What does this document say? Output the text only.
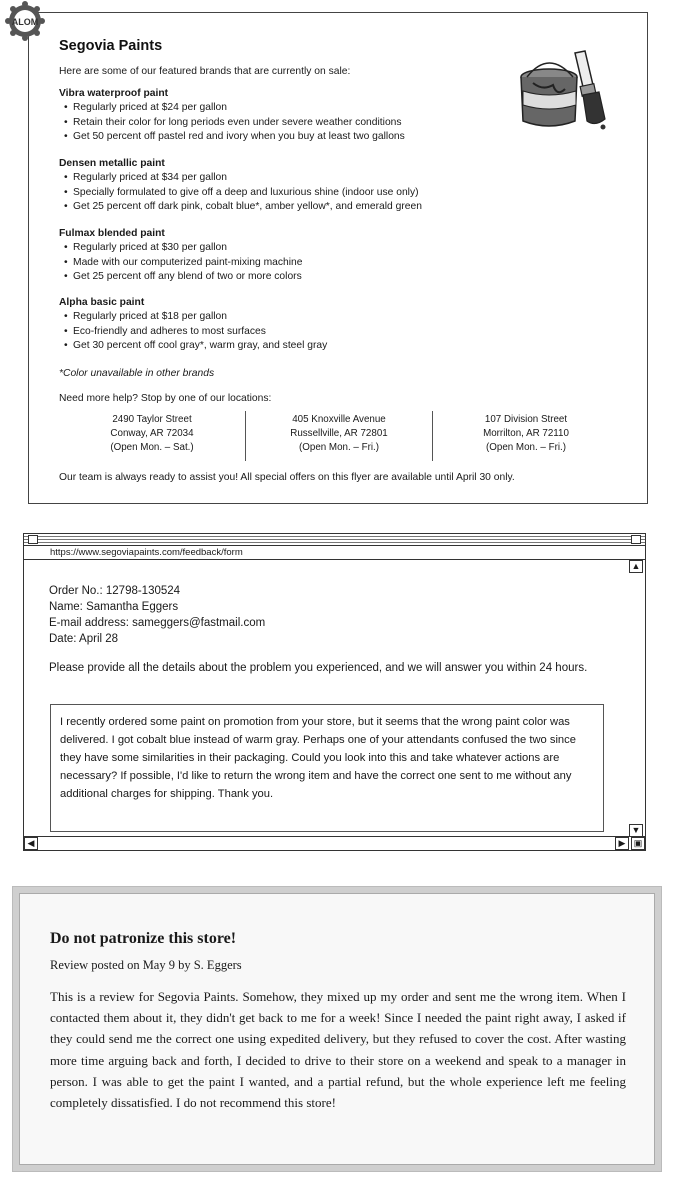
ALOM
Segovia Paints
Here are some of our featured brands that are currently on sale:
Vibra waterproof paint
• Regularly priced at $24 per gallon
• Retain their color for long periods even under severe weather conditions
• Get 50 percent off pastel red and ivory when you buy at least two gallons
Densen metallic paint
• Regularly priced at $34 per gallon
• Specially formulated to give off a deep and luxurious shine (indoor use only)
• Get 25 percent off dark pink, cobalt blue*, amber yellow*, and emerald green
Fulmax blended paint
• Regularly priced at $30 per gallon
• Made with our computerized paint-mixing machine
• Get 25 percent off any blend of two or more colors
Alpha basic paint
• Regularly priced at $18 per gallon
• Eco-friendly and adheres to most surfaces
• Get 30 percent off cool gray*, warm gray, and steel gray
*Color unavailable in other brands
Need more help? Stop by one of our locations:
2490 Taylor Street
Conway, AR 72034
(Open Mon. – Sat.)
405 Knoxville Avenue
Russellville, AR 72801
(Open Mon. – Fri.)
107 Division Street
Morrilton, AR 72110
(Open Mon. – Fri.)
Our team is always ready to assist you! All special offers on this flyer are available until April 30 only.
https://www.segoviapaints.com/feedback/form
Order No.: 12798-130524
Name: Samantha Eggers
E-mail address: sameggers@fastmail.com
Date: April 28
Please provide all the details about the problem you experienced, and we will answer you within 24 hours.
I recently ordered some paint on promotion from your store, but it seems that the wrong paint color was delivered. I got cobalt blue instead of warm gray. Perhaps one of your attendants confused the two since they have some similarities in their packaging. Could you look into this and take whatever actions are necessary? If possible, I'd like to return the wrong item and have the correct one sent to me without any additional charges for shipping. Thank you.
▲
▼
◀	▶ ▣
Do not patronize this store!
Review posted on May 9 by S. Eggers
This is a review for Segovia Paints. Somehow, they mixed up my order and sent me the wrong item. When I contacted them about it, they didn't get back to me for a week! Since I needed the paint right away, I asked if they could send me the correct one using expedited delivery, but they refused to cover the cost. After wasting more time arguing back and forth, I decided to drive to their store on a weekend and speak to a manager in person. I was able to get the paint I wanted, and a partial refund, but the whole experience left me feeling completely dissatisfied. I do not recommend this store!
